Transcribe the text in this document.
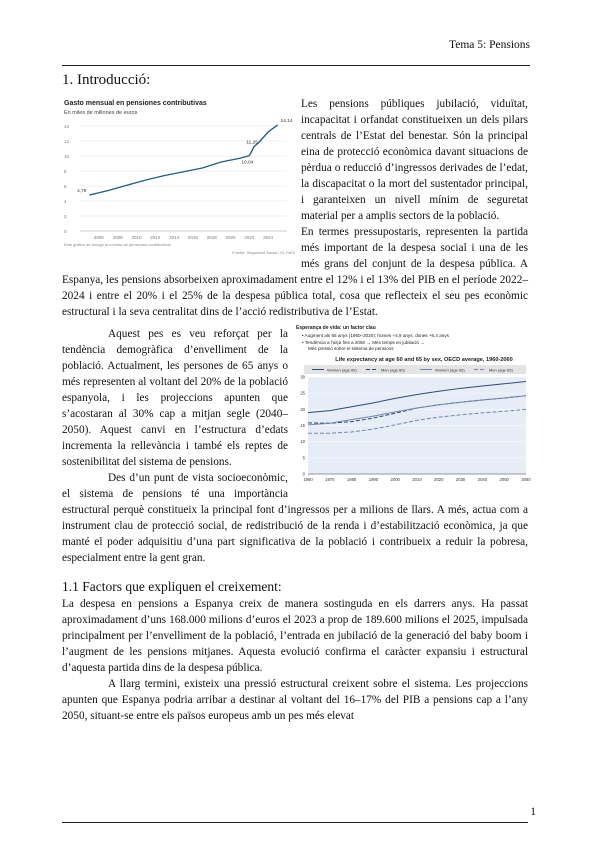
Tema 5: Pensions
1. Introducció:
Gasto mensual en pensiones contributivas
En miles de millones de euros
0
2
4
6
8
10
12
14
2006 2008 2010 2012 2014 2016 2018 2020 2022 2024
4,79
10,04
11,25
14,14
Este gráfico se recoge la nómina de pensiones contributivas
Fuente: Seguridad Social / EL PAÍS

Les pensions públiques jubilació, viduïtat, incapacitat i orfandat constitueixen un dels pilars centrals de l’Estat del benestar. Són la principal eina de protecció econòmica davant situacions de pèrdua o reducció d’ingressos derivades de l’edat, la discapacitat o la mort del sustentador principal, i garanteixen un nivell mínim de seguretat material per a amplis sectors de la població.

En termes pressupostaris, representen la partida més important de la despesa social i una de les més grans del conjunt de la despesa pública. A Espanya, les pensions absorbeixen aproximadament entre el 12% i el 13% del PIB en el període 2022–2024 i entre el 20% i el 25% de la despesa pública total, cosa que reflecteix el seu pes econòmic estructural i la seva centralitat dins de l’acció redistributiva de l’Estat.

Esperança de vida: un factor clau
• Augment als 65 anys (1960–2020): homes +4,9 anys; dones +6,4 anys
• Tendència a l’alça fins a 2060 → Més temps en jubilació →
Més pressió sobre el sistema de pensions
Life expectancy at age 60 and 65 by sex, OECD average, 1960-2060
Women (age 60)	Men (age 60)	Women (age 65)	Men (age 65)
0
5
10
15
20
25
30
1960	1970	1980	1990	2000	2010	2020	2030	2040	2050	2060

Aquest pes es veu reforçat per la tendència demogràfica d’envelliment de la població. Actualment, les persones de 65 anys o més representen al voltant del 20% de la població espanyola, i les projeccions apunten que s’acostaran al 30% cap a mitjan segle (2040–2050). Aquest canvi en l’estructura d’edats incrementa la rellevància i també els reptes de sostenibilitat del sistema de pensions.

Des d’un punt de vista socioeconòmic, el sistema de pensions té una importància estructural perquè constitueix la principal font d’ingressos per a milions de llars. A més, actua com a instrument clau de protecció social, de redistribució de la renda i d’estabilització econòmica, ja que manté el poder adquisitiu d’una part significativa de la població i contribueix a reduir la pobresa, especialment entre la gent gran.

1.1 Factors que expliquen el creixement:

La despesa en pensions a Espanya creix de manera sostinguda en els darrers anys. Ha passat aproximadament d’uns 168.000 milions d’euros el 2023 a prop de 189.600 milions el 2025, impulsada principalment per l’envelliment de la població, l’entrada en jubilació de la generació del baby boom i l’augment de les pensions mitjanes. Aquesta evolució confirma el caràcter expansiu i estructural d’aquesta partida dins de la despesa pública.

A llarg termini, existeix una pressió estructural creixent sobre el sistema. Les projeccions apunten que Espanya podria arribar a destinar al voltant del 16–17% del PIB a pensions cap a l’any 2050, situant-se entre els països europeus amb un pes més elevat

1
